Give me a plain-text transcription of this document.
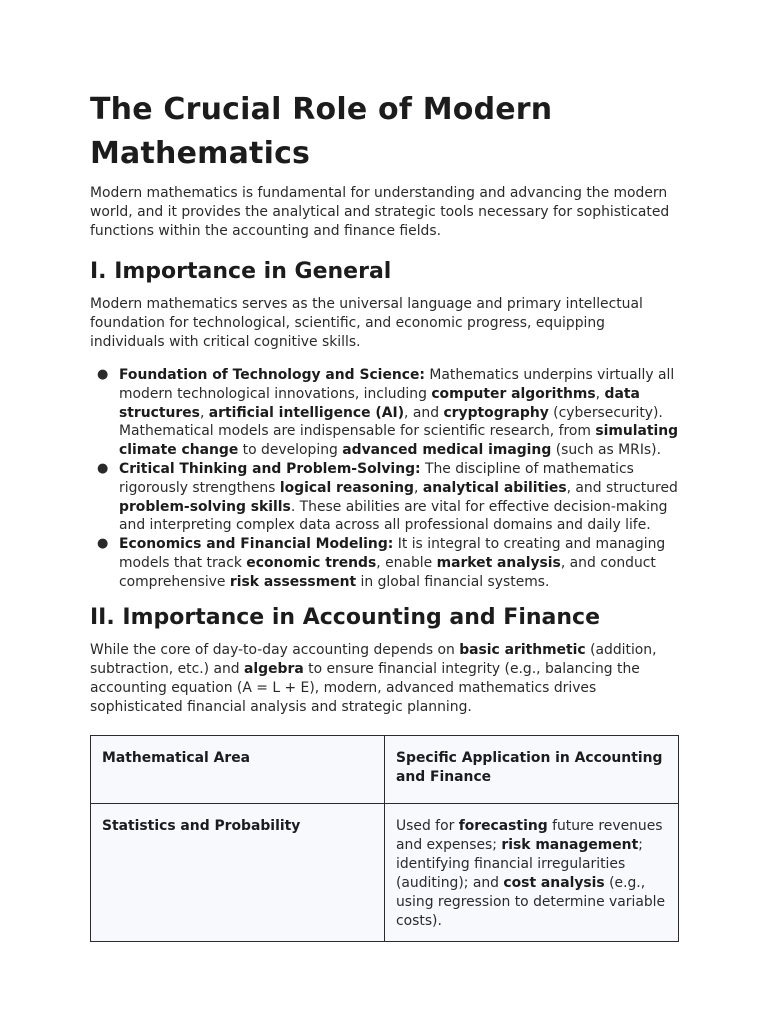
The Crucial Role of Modern Mathematics

Modern mathematics is fundamental for understanding and advancing the modern world, and it provides the analytical and strategic tools necessary for sophisticated functions within the accounting and finance fields.

I. Importance in General

Modern mathematics serves as the universal language and primary intellectual foundation for technological, scientific, and economic progress, equipping individuals with critical cognitive skills.

● Foundation of Technology and Science: Mathematics underpins virtually all modern technological innovations, including computer algorithms, data structures, artificial intelligence (AI), and cryptography (cybersecurity). Mathematical models are indispensable for scientific research, from simulating climate change to developing advanced medical imaging (such as MRIs).
● Critical Thinking and Problem-Solving: The discipline of mathematics rigorously strengthens logical reasoning, analytical abilities, and structured problem-solving skills. These abilities are vital for effective decision-making and interpreting complex data across all professional domains and daily life.
● Economics and Financial Modeling: It is integral to creating and managing models that track economic trends, enable market analysis, and conduct comprehensive risk assessment in global financial systems.
II. Importance in Accounting and Finance

While the core of day-to-day accounting depends on basic arithmetic (addition, subtraction, etc.) and algebra to ensure financial integrity (e.g., balancing the accounting equation (A = L + E), modern, advanced mathematics drives sophisticated financial analysis and strategic planning.

Mathematical Area	Specific Application in Accounting and Finance
Statistics and Probability	Used for forecasting future revenues and expenses; risk management; identifying financial irregularities (auditing); and cost analysis (e.g., using regression to determine variable costs).
